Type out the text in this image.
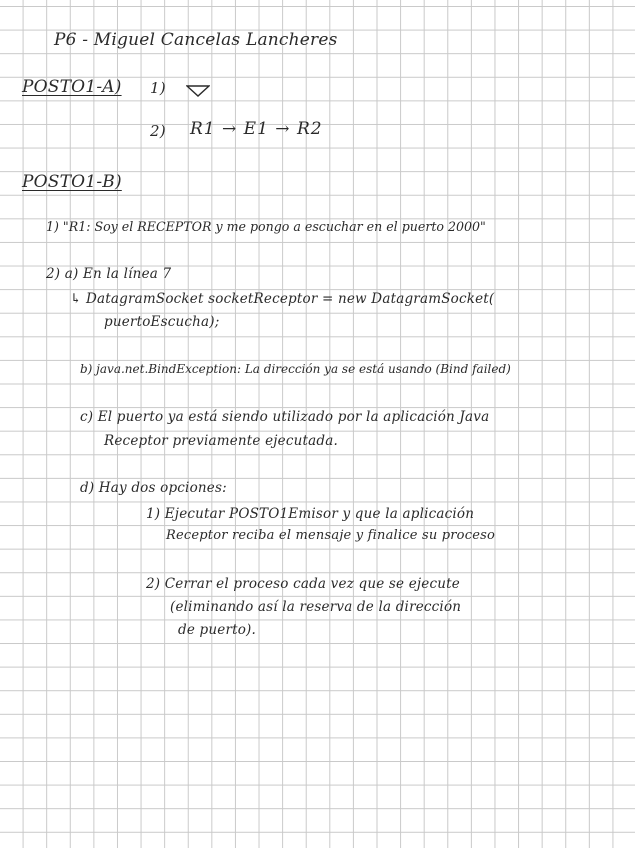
P6 - Miguel Cancelas Lancheres
POSTO1-A) 1)
2) R1 → E1 → R2
POSTO1-B)
1) "R1: Soy el RECEPTOR y me pongo a escuchar en el puerto 2000"
2) a) En la línea 7
↳ DatagramSocket socketReceptor = new DatagramSocket(
puertoEscucha);
b) java.net.BindException: La dirección ya se está usando (Bind failed)
c) El puerto ya está siendo utilizado por la aplicación Java
Receptor previamente ejecutada.
d) Hay dos opciones:
1) Ejecutar POSTO1Emisor y que la aplicación
Receptor reciba el mensaje y finalice su proceso
2) Cerrar el proceso cada vez que se ejecute
(eliminando así la reserva de la dirección
de puerto).
